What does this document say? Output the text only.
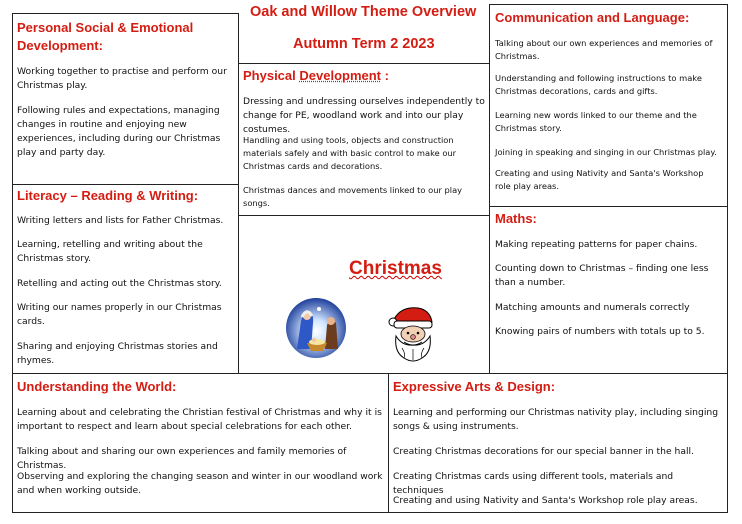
Oak and Willow Theme Overview
Autumn Term 2 2023
Personal Social & Emotional Development:
Working together to practise and perform our Christmas play.
Following rules and expectations, managing changes in routine and enjoying new experiences, including during our Christmas play and party day.
Physical Development :
Dressing and undressing ourselves independently to change for PE, woodland work and into our play costumes.
Handling and using tools, objects and construction materials safely and with basic control to make our Christmas cards and decorations.
Christmas dances and movements linked to our play songs.
Communication and Language:
Talking about our own experiences and memories of Christmas.
Understanding and following instructions to make Christmas decorations, cards and gifts.
Learning new words linked to our theme and the Christmas story.
Joining in speaking and singing in our Christmas play.
Creating and using Nativity and Santa's Workshop role play areas.
Literacy – Reading & Writing:
Writing letters and lists for Father Christmas.
Learning, retelling and writing about the Christmas story.
Retelling and acting out the Christmas story.
Writing our names properly in our Christmas cards.
Sharing and enjoying Christmas stories and rhymes.
Christmas
Maths:
Making repeating patterns for paper chains.
Counting down to Christmas – finding one less than a number.
Matching amounts and numerals correctly
Knowing pairs of numbers with totals up to 5.
Understanding the World:
Learning about and celebrating the Christian festival of Christmas and why it is important to respect and learn about special celebrations for each other.
Talking about and sharing our own experiences and family memories of Christmas.
Observing and exploring the changing season and winter in our woodland work and when working outside.
Expressive Arts & Design:
Learning and performing our Christmas nativity play, including singing songs & using instruments.
Creating Christmas decorations for our special banner in the hall.
Creating Christmas cards using different tools, materials and techniques
Creating and using Nativity and Santa's Workshop role play areas.
